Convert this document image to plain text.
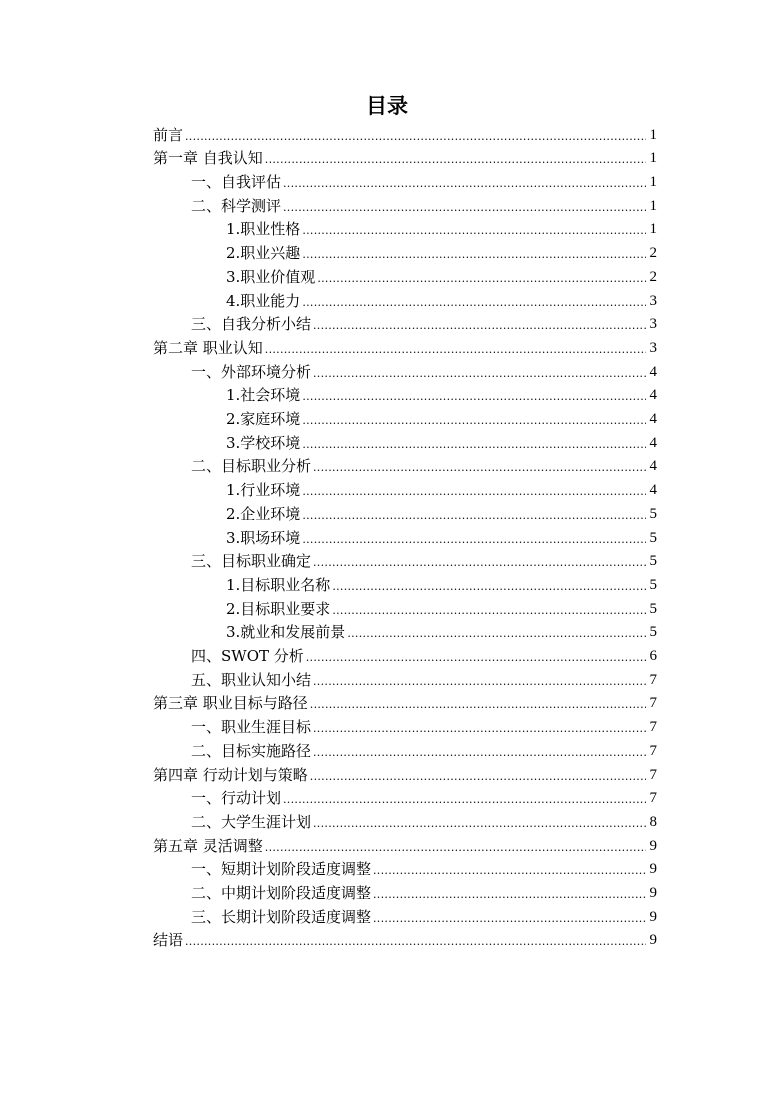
目录
前言 .....	1
第一章 自我认知 .....	1
一、自我评估 .....	1
二、科学测评 .....	1
1.职业性格 .....	1
2.职业兴趣 .....	2
3.职业价值观 .....	2
4.职业能力 .....	3
三、自我分析小结 .....	3
第二章 职业认知 .....	3
一、外部环境分析 .....	4
1.社会环境 .....	4
2.家庭环境 .....	4
3.学校环境 .....	4
二、目标职业分析 .....	4
1.行业环境 .....	4
2.企业环境 .....	5
3.职场环境 .....	5
三、目标职业确定 .....	5
1.目标职业名称 .....	5
2.目标职业要求 .....	5
3.就业和发展前景 .....	5
四、SWOT 分析 .....	6
五、职业认知小结 .....	7
第三章 职业目标与路径 .....	7
一、职业生涯目标 .....	7
二、目标实施路径 .....	7
第四章 行动计划与策略 .....	7
一、行动计划 .....	7
二、大学生涯计划 .....	8
第五章 灵活调整 .....	9
一、短期计划阶段适度调整 .....	9
二、中期计划阶段适度调整 .....	9
三、长期计划阶段适度调整 .....	9
结语 .....	9
